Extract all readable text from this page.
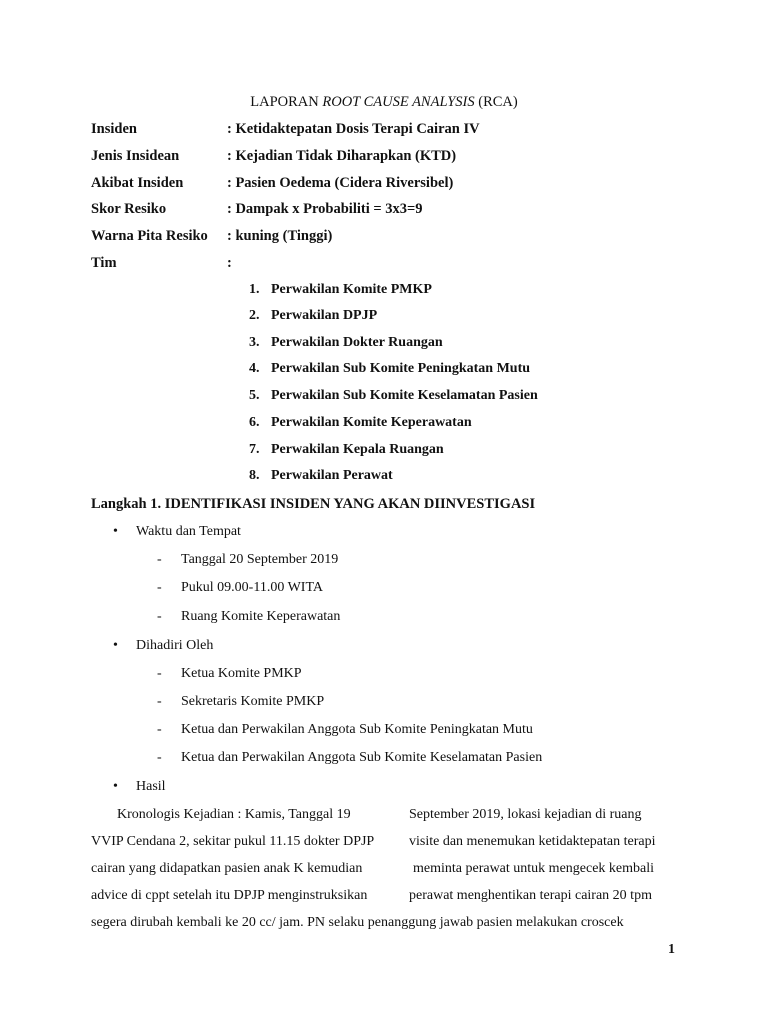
LAPORAN ROOT CAUSE ANALYSIS (RCA)
Insiden	: Ketidaktepatan Dosis Terapi Cairan IV
Jenis Insidean	: Kejadian Tidak Diharapkan (KTD)
Akibat Insiden	: Pasien Oedema (Cidera Riversibel)
Skor Resiko	: Dampak x Probabiliti = 3x3=9
Warna Pita Resiko	: kuning (Tinggi)
Tim	:
1. Perwakilan Komite PMKP
2. Perwakilan DPJP
3. Perwakilan Dokter Ruangan
4. Perwakilan Sub Komite Peningkatan Mutu
5. Perwakilan Sub Komite Keselamatan Pasien
6. Perwakilan Komite Keperawatan
7. Perwakilan Kepala Ruangan
8. Perwakilan Perawat
Langkah 1. IDENTIFIKASI INSIDEN YANG AKAN DIINVESTIGASI
• Waktu dan Tempat
- Tanggal 20 September 2019
- Pukul 09.00-11.00 WITA
- Ruang Komite Keperawatan
• Dihadiri Oleh
- Ketua Komite PMKP
- Sekretaris Komite PMKP
- Ketua dan Perwakilan Anggota Sub Komite Peningkatan Mutu
- Ketua dan Perwakilan Anggota Sub Komite Keselamatan Pasien
• Hasil
Kronologis Kejadian : Kamis, Tanggal 19	September 2019, lokasi kejadian di ruang
VVIP Cendana 2, sekitar pukul 11.15 dokter DPJP visite dan menemukan ketidaktepatan terapi
cairan yang didapatkan pasien anak K kemudian	meminta perawat untuk mengecek kembali
advice di cppt setelah itu DPJP menginstruksikan	perawat menghentikan terapi cairan 20 tpm
segera dirubah kembali ke 20 cc/ jam. PN selaku penanggung jawab pasien melakukan croscek
1
